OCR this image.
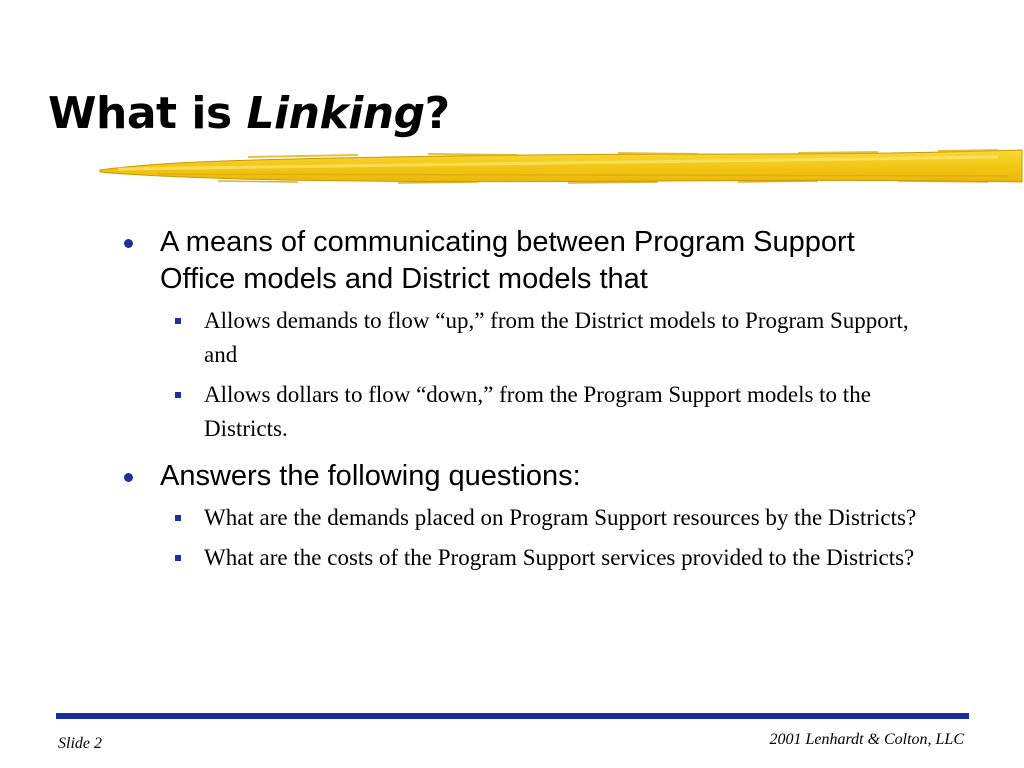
What is Linking?
A means of communicating between Program Support Office models and District models that
Allows demands to flow “up,” from the District models to Program Support, and
Allows dollars to flow “down,” from the Program Support models to the Districts.
Answers the following questions:
What are the demands placed on Program Support resources by the Districts?
What are the costs of the Program Support services provided to the Districts?
Slide 2	2001 Lenhardt & Colton, LLC
